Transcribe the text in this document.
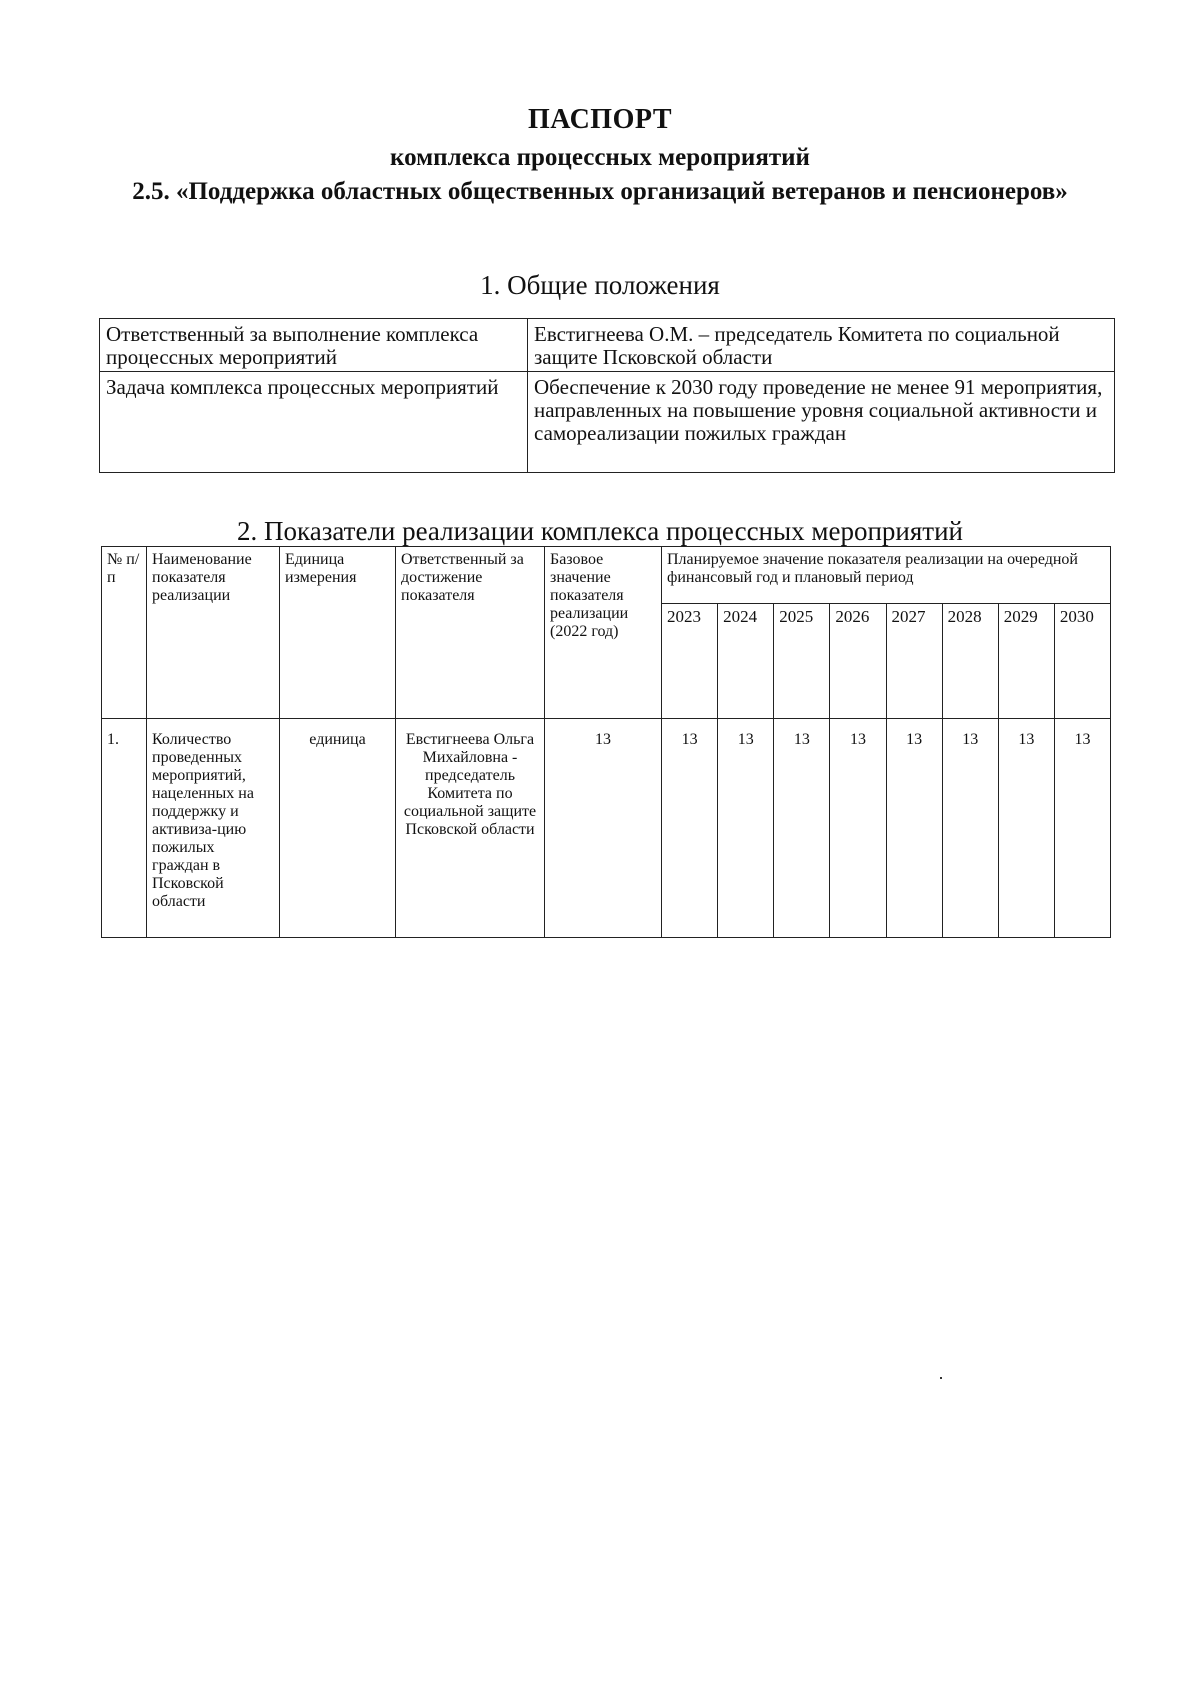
ПАСПОРТ
комплекса процессных мероприятий
2.5. «Поддержка областных общественных организаций ветеранов и пенсионеров»
1. Общие положения
Ответственный за выполнение комплекса процессных мероприятий	Евстигнеева О.М. – председатель Комитета по социальной защите Псковской области
Задача комплекса процессных мероприятий	Обеспечение к 2030 году проведение не менее 91 мероприятия, направленных на повышение уровня социальной активности и самореализации пожилых граждан
2. Показатели реализации комплекса процессных мероприятий
№ п/п	Наименование показателя реализации	Единица измерения	Ответственный за достижение показателя	Базовое значение показателя реализации (2022 год)	Планируемое значение показателя реализации на очередной финансовый год и плановый период							
					2023	2024	2025	2026	2027	2028	2029	2030
1.	Количество проведенных мероприятий, нацеленных на поддержку и активиза-цию пожилых граждан в Псковской области	единица	Евстигнеева Ольга Михайловна - председатель Комитета по социальной защите Псковской области	13	13	13	13	13	13	13	13	13
